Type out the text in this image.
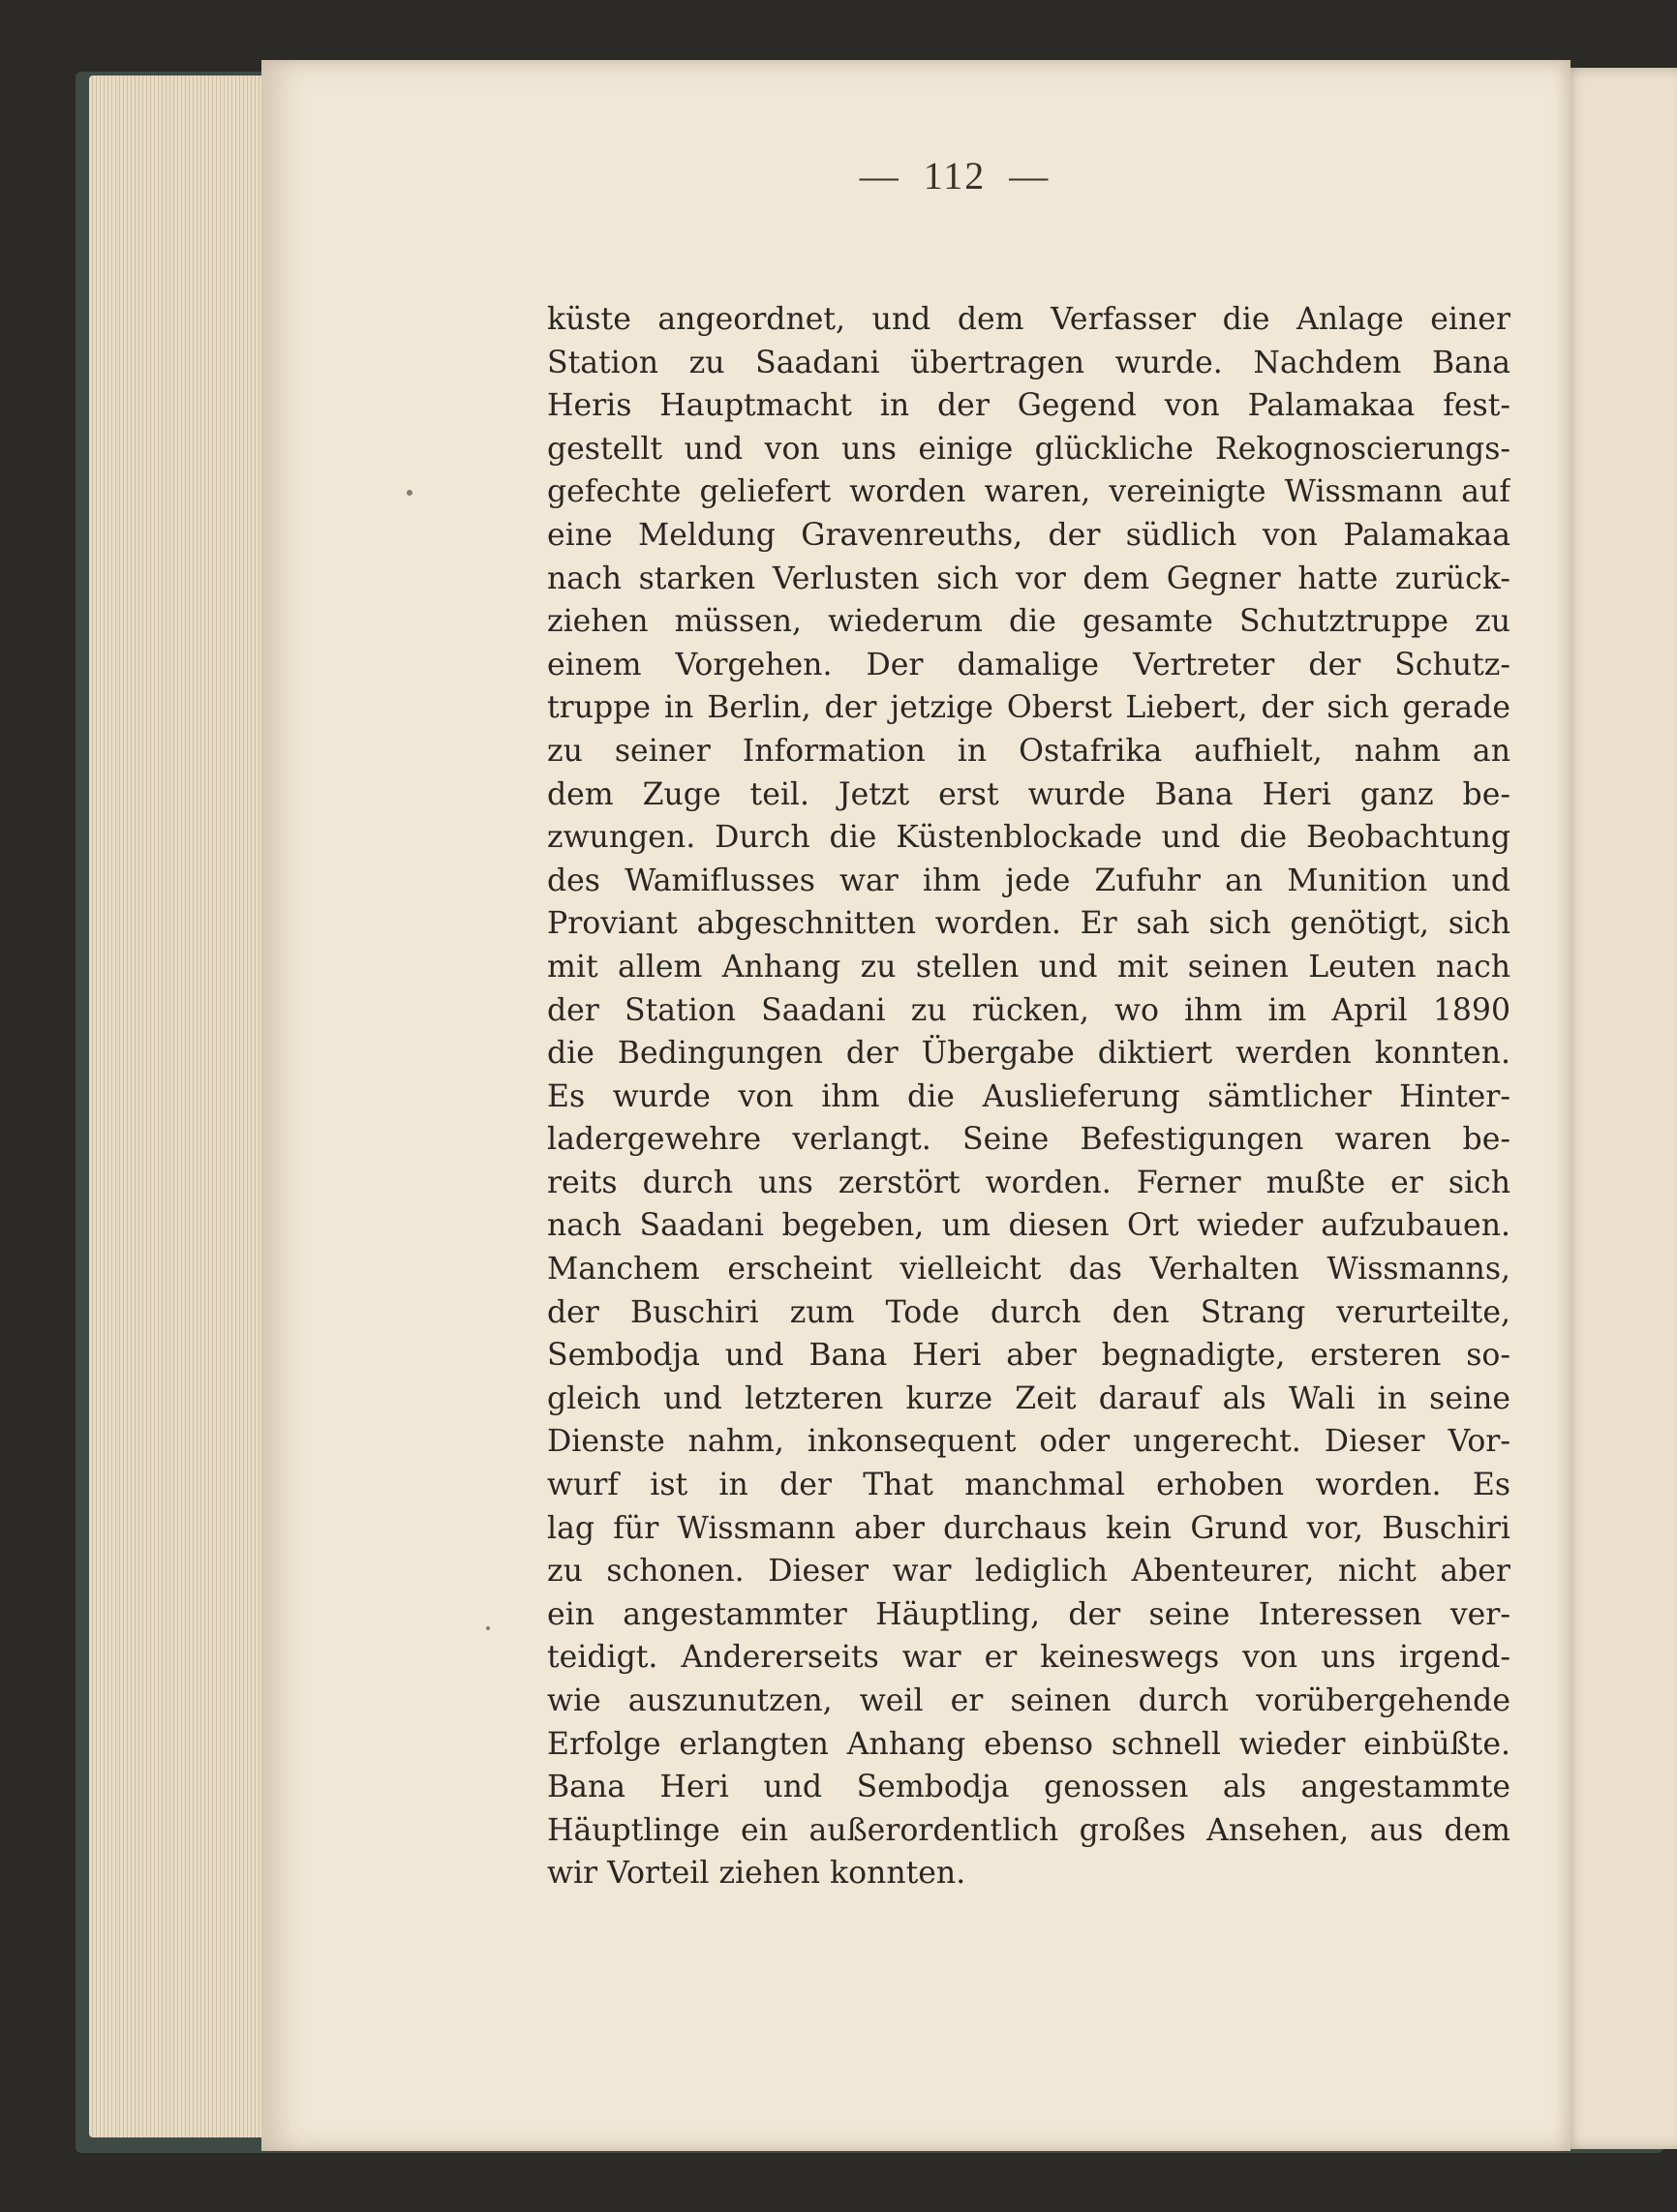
—  112  —
küste angeordnet, und dem Verfasser die Anlage einer
Station zu Saadani übertragen wurde. Nachdem Bana
Heris Hauptmacht in der Gegend von Palamakaa fest-
gestellt und von uns einige glückliche Rekognoscierungs-
gefechte geliefert worden waren, vereinigte Wissmann auf
eine Meldung Gravenreuths, der südlich von Palamakaa
nach starken Verlusten sich vor dem Gegner hatte zurück-
ziehen müssen, wiederum die gesamte Schutztruppe zu
einem Vorgehen. Der damalige Vertreter der Schutz-
truppe in Berlin, der jetzige Oberst Liebert, der sich gerade
zu seiner Information in Ostafrika aufhielt, nahm an
dem Zuge teil. Jetzt erst wurde Bana Heri ganz be-
zwungen. Durch die Küstenblockade und die Beobachtung
des Wamiflusses war ihm jede Zufuhr an Munition und
Proviant abgeschnitten worden. Er sah sich genötigt, sich
mit allem Anhang zu stellen und mit seinen Leuten nach
der Station Saadani zu rücken, wo ihm im April 1890
die Bedingungen der Übergabe diktiert werden konnten.
Es wurde von ihm die Auslieferung sämtlicher Hinter-
ladergewehre verlangt. Seine Befestigungen waren be-
reits durch uns zerstört worden. Ferner mußte er sich
nach Saadani begeben, um diesen Ort wieder aufzubauen.
Manchem erscheint vielleicht das Verhalten Wissmanns,
der Buschiri zum Tode durch den Strang verurteilte,
Sembodja und Bana Heri aber begnadigte, ersteren so-
gleich und letzteren kurze Zeit darauf als Wali in seine
Dienste nahm, inkonsequent oder ungerecht. Dieser Vor-
wurf ist in der That manchmal erhoben worden. Es
lag für Wissmann aber durchaus kein Grund vor, Buschiri
zu schonen. Dieser war lediglich Abenteurer, nicht aber
ein angestammter Häuptling, der seine Interessen ver-
teidigt. Andererseits war er keineswegs von uns irgend-
wie auszunutzen, weil er seinen durch vorübergehende
Erfolge erlangten Anhang ebenso schnell wieder einbüßte.
Bana Heri und Sembodja genossen als angestammte
Häuptlinge ein außerordentlich großes Ansehen, aus dem
wir Vorteil ziehen konnten.
